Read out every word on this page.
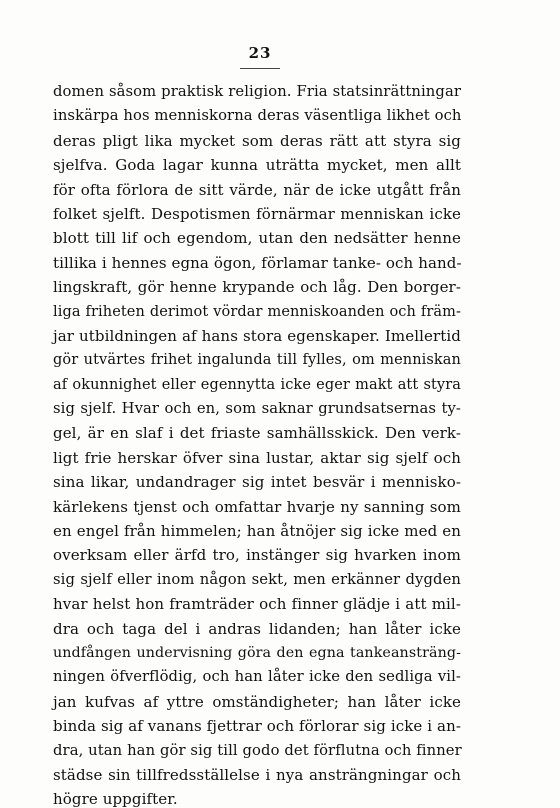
23
domen såsom praktisk religion. Fria statsinrättningar
inskärpa hos menniskorna deras väsentliga likhet och
deras pligt lika mycket som deras rätt att styra sig
sjelfva. Goda lagar kunna uträtta mycket, men allt
för ofta förlora de sitt värde, när de icke utgått från
folket sjelft. Despotismen förnärmar menniskan icke
blott till lif och egendom, utan den nedsätter henne
tillika i hennes egna ögon, förlamar tanke- och hand-
lingskraft, gör henne krypande och låg. Den borger-
liga friheten derimot vördar menniskoanden och främ-
jar utbildningen af hans stora egenskaper. Imellertid
gör utvärtes frihet ingalunda till fylles, om menniskan
af okunnighet eller egennytta icke eger makt att styra
sig sjelf. Hvar och en, som saknar grundsatsernas ty-
gel, är en slaf i det friaste samhällsskick. Den verk-
ligt frie herskar öfver sina lustar, aktar sig sjelf och
sina likar, undandrager sig intet besvär i mennisko-
kärlekens tjenst och omfattar hvarje ny sanning som
en engel från himmelen; han åtnöjer sig icke med en
overksam eller ärfd tro, instänger sig hvarken inom
sig sjelf eller inom någon sekt, men erkänner dygden
hvar helst hon framträder och finner glädje i att mil-
dra och taga del i andras lidanden; han låter icke
undfången undervisning göra den egna tankeansträng-
ningen öfverflödig, och han låter icke den sedliga vil-
jan kufvas af yttre omständigheter; han låter icke
binda sig af vanans fjettrar och förlorar sig icke i an-
dra, utan han gör sig till godo det förflutna och finner
städse sin tillfredsställelse i nya ansträngningar och
högre uppgifter.
